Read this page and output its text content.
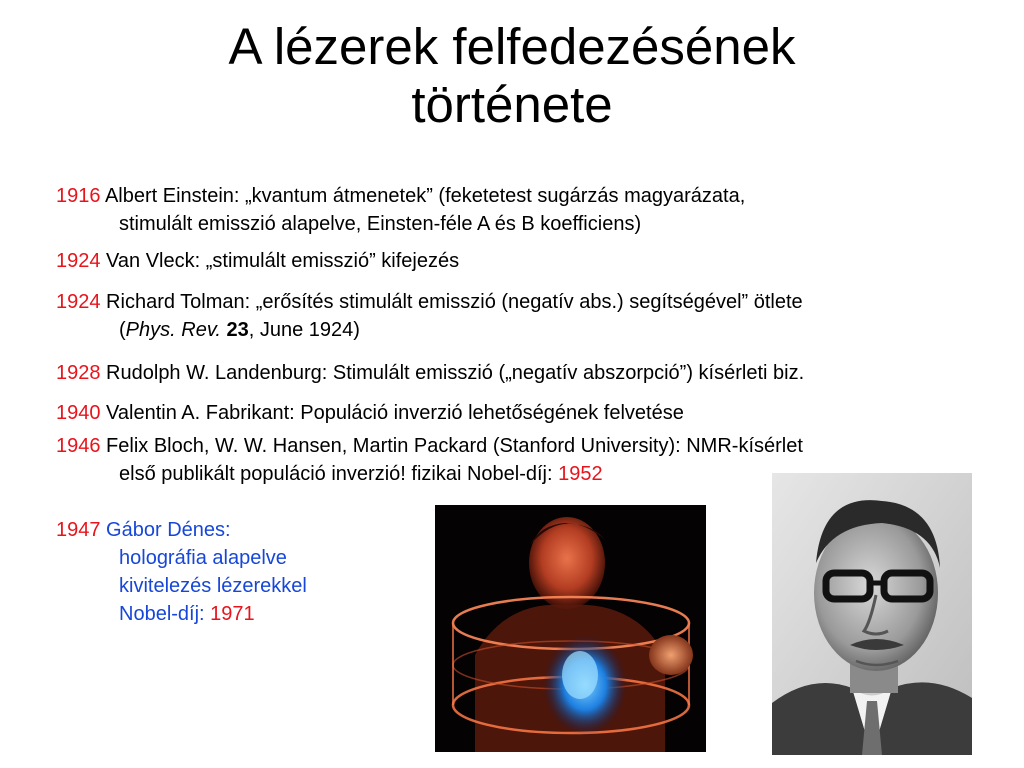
A lézerek felfedezésének
története
1916 Albert Einstein: „kvantum átmenetek” (feketetest sugárzás magyarázata,
stimulált emisszió alapelve, Einsten-féle A és B koefficiens)
1924 Van Vleck: „stimulált emisszió” kifejezés
1924 Richard Tolman: „erősítés stimulált emisszió (negatív abs.) segítségével” ötlete
(Phys. Rev. 23, June 1924)
1928 Rudolph W. Landenburg: Stimulált emisszió („negatív abszorpció”) kísérleti biz.
1940 Valentin A. Fabrikant: Populáció inverzió lehetőségének felvetése
1946 Felix Bloch, W. W. Hansen, Martin Packard (Stanford University): NMR-kísérlet
első publikált populáció inverzió! fizikai Nobel-díj: 1952
1947 Gábor Dénes:
holográfia alapelve
kivitelezés lézerekkel
Nobel-díj: 1971
